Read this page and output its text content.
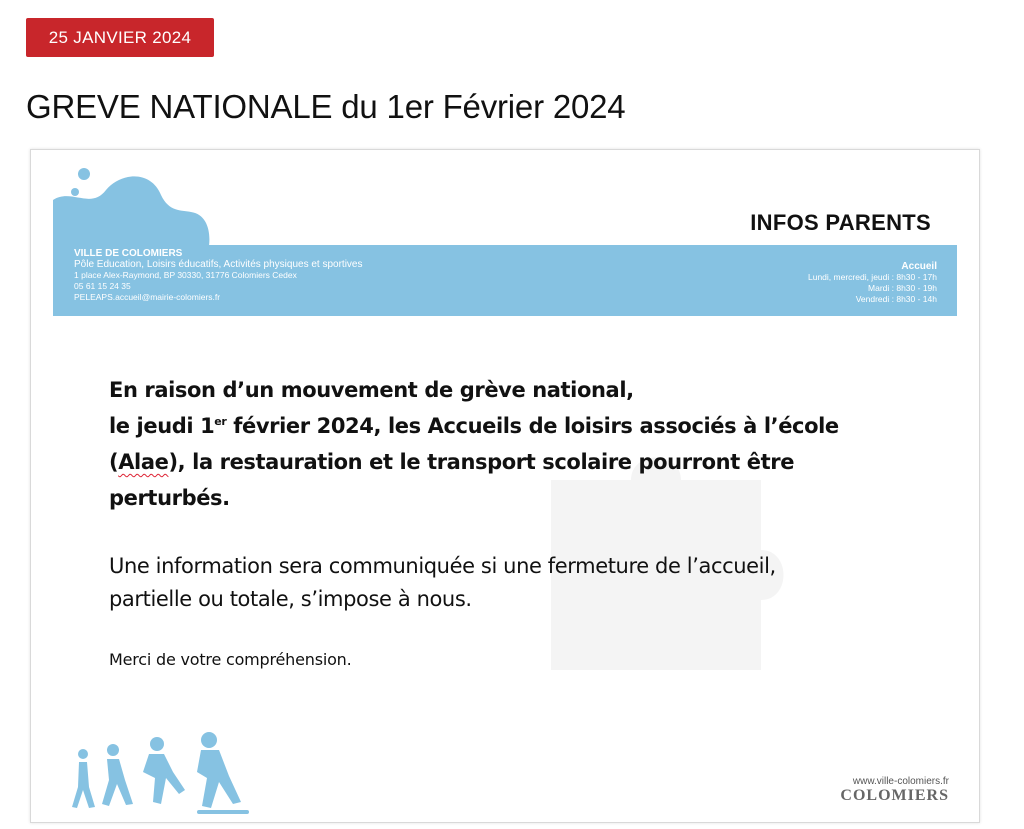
25 JANVIER 2024
GREVE NATIONALE du 1er Février 2024
INFOS PARENTS
VILLE DE COLOMIERS
Pôle Education, Loisirs éducatifs, Activités physiques et sportives
1 place Alex-Raymond, BP 30330, 31776 Colomiers Cedex
05 61 15 24 35
PELEAPS.accueil@mairie-colomiers.fr
Accueil
Lundi, mercredi, jeudi : 8h30 - 17h
Mardi : 8h30 - 19h
Vendredi : 8h30 - 14h
En raison d’un mouvement de grève national,
le jeudi 1er février 2024, les Accueils de loisirs associés à l’école
(Alae), la restauration et le transport scolaire pourront être
perturbés.
Une information sera communiquée si une fermeture de l’accueil,
partielle ou totale, s’impose à nous.
Merci de votre compréhension.
www.ville-colomiers.fr
COLOMIERS
